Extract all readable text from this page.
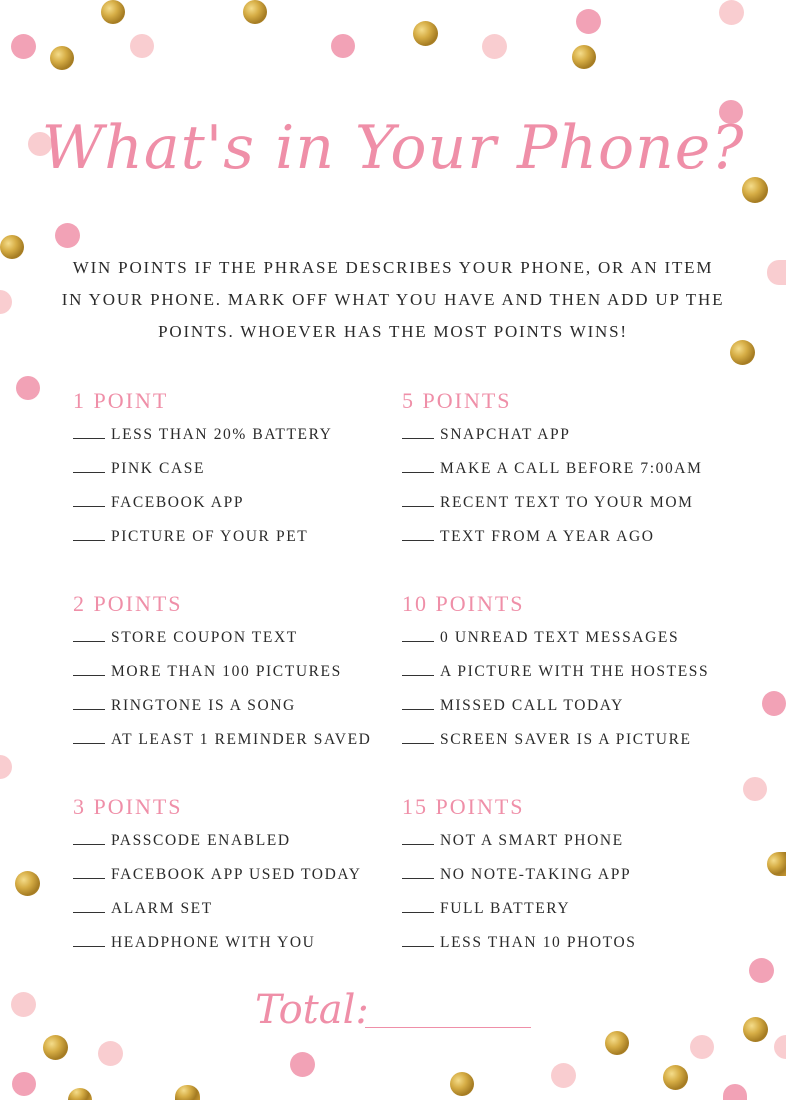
What's in Your Phone?
WIN POINTS IF THE PHRASE DESCRIBES YOUR PHONE, OR AN ITEM IN YOUR PHONE. MARK OFF WHAT YOU HAVE AND THEN ADD UP THE POINTS. WHOEVER HAS THE MOST POINTS WINS!
1 POINT
LESS THAN 20% BATTERY
PINK CASE
FACEBOOK APP
PICTURE OF YOUR PET
5 POINTS
SNAPCHAT APP
MAKE A CALL BEFORE 7:00AM
RECENT TEXT TO YOUR MOM
TEXT FROM A YEAR AGO
2 POINTS
STORE COUPON TEXT
MORE THAN 100 PICTURES
RINGTONE IS A SONG
AT LEAST 1 REMINDER SAVED
10 POINTS
0 UNREAD TEXT MESSAGES
A PICTURE WITH THE HOSTESS
MISSED CALL TODAY
SCREEN SAVER IS A PICTURE
3 POINTS
PASSCODE ENABLED
FACEBOOK APP USED TODAY
ALARM SET
HEADPHONE WITH YOU
15 POINTS
NOT A SMART PHONE
NO NOTE-TAKING APP
FULL BATTERY
LESS THAN 10 PHOTOS
Total:
